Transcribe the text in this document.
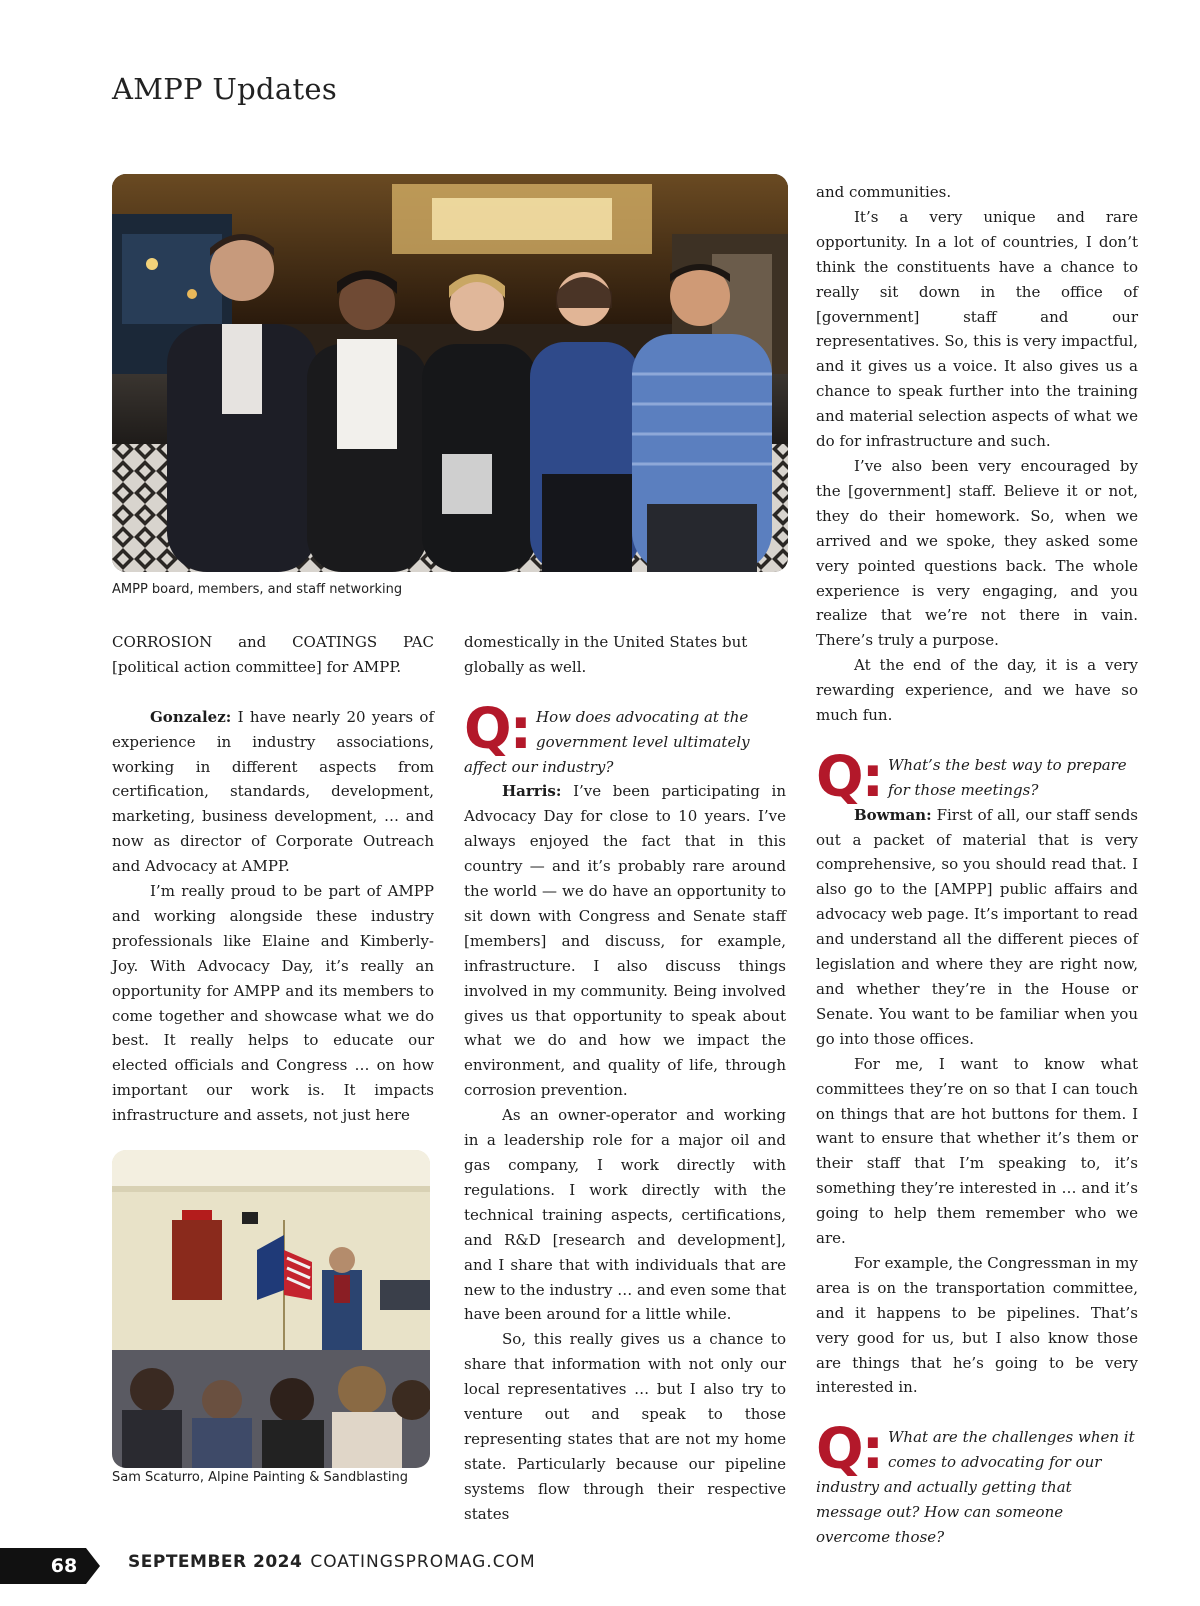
AMPP Updates
AMPP board, members, and staff networking

CORROSION and COATINGS PAC [political action committee] for AMPP.

Gonzalez: I have nearly 20 years of experience in industry associations, working in different aspects from certification, standards, development, marketing, business development, … and now as director of Corporate Outreach and Advocacy at AMPP.

I’m really proud to be part of AMPP and working alongside these industry professionals like Elaine and Kimberly-Joy. With Advocacy Day, it’s really an opportunity for AMPP and its members to come together and showcase what we do best. It really helps to educate our elected officials and Congress … on how important our work is. It impacts infrastructure and assets, not just here

Sam Scaturro, Alpine Painting & Sandblasting

domestically in the United States but globally as well.

Q: How does advocating at the government level ultimately affect our industry?

Harris: I’ve been participating in Advocacy Day for close to 10 years. I’ve always enjoyed the fact that in this country — and it’s probably rare around the world — we do have an opportunity to sit down with Congress and Senate staff [members] and discuss, for example, infrastructure. I also discuss things involved in my community. Being involved gives us that opportunity to speak about what we do and how we impact the environment, and quality of life, through corrosion prevention.

As an owner-operator and working in a leadership role for a major oil and gas company, I work directly with regulations. I work directly with the technical training aspects, certifications, and R&D [research and development], and I share that with individuals that are new to the industry … and even some that have been around for a little while.

So, this really gives us a chance to share that information with not only our local representatives … but I also try to venture out and speak to those representing states that are not my home state. Particularly because our pipeline systems flow through their respective states

and communities.

It’s a very unique and rare opportunity. In a lot of countries, I don’t think the constituents have a chance to really sit down in the office of [government] staff and our representatives. So, this is very impactful, and it gives us a voice. It also gives us a chance to speak further into the training and material selection aspects of what we do for infrastructure and such.

I’ve also been very encouraged by the [government] staff. Believe it or not, they do their homework. So, when we arrived and we spoke, they asked some very pointed questions back. The whole experience is very engaging, and you realize that we’re not there in vain. There’s truly a purpose.

At the end of the day, it is a very rewarding experience, and we have so much fun.

Q: What’s the best way to prepare for those meetings?

Bowman: First of all, our staff sends out a packet of material that is very comprehensive, so you should read that. I also go to the [AMPP] public affairs and advocacy web page. It’s important to read and understand all the different pieces of legislation and where they are right now, and whether they’re in the House or Senate. You want to be familiar when you go into those offices.

For me, I want to know what committees they’re on so that I can touch on things that are hot buttons for them. I want to ensure that whether it’s them or their staff that I’m speaking to, it’s something they’re interested in … and it’s going to help them remember who we are.

For example, the Congressman in my area is on the transportation committee, and it happens to be pipelines. That’s very good for us, but I also know those are things that he’s going to be very interested in.

Q: What are the challenges when it comes to advocating for our industry and actually getting that message out? How can someone overcome those?
68	SEPTEMBER 2024 COATINGSPROMAG.COM
